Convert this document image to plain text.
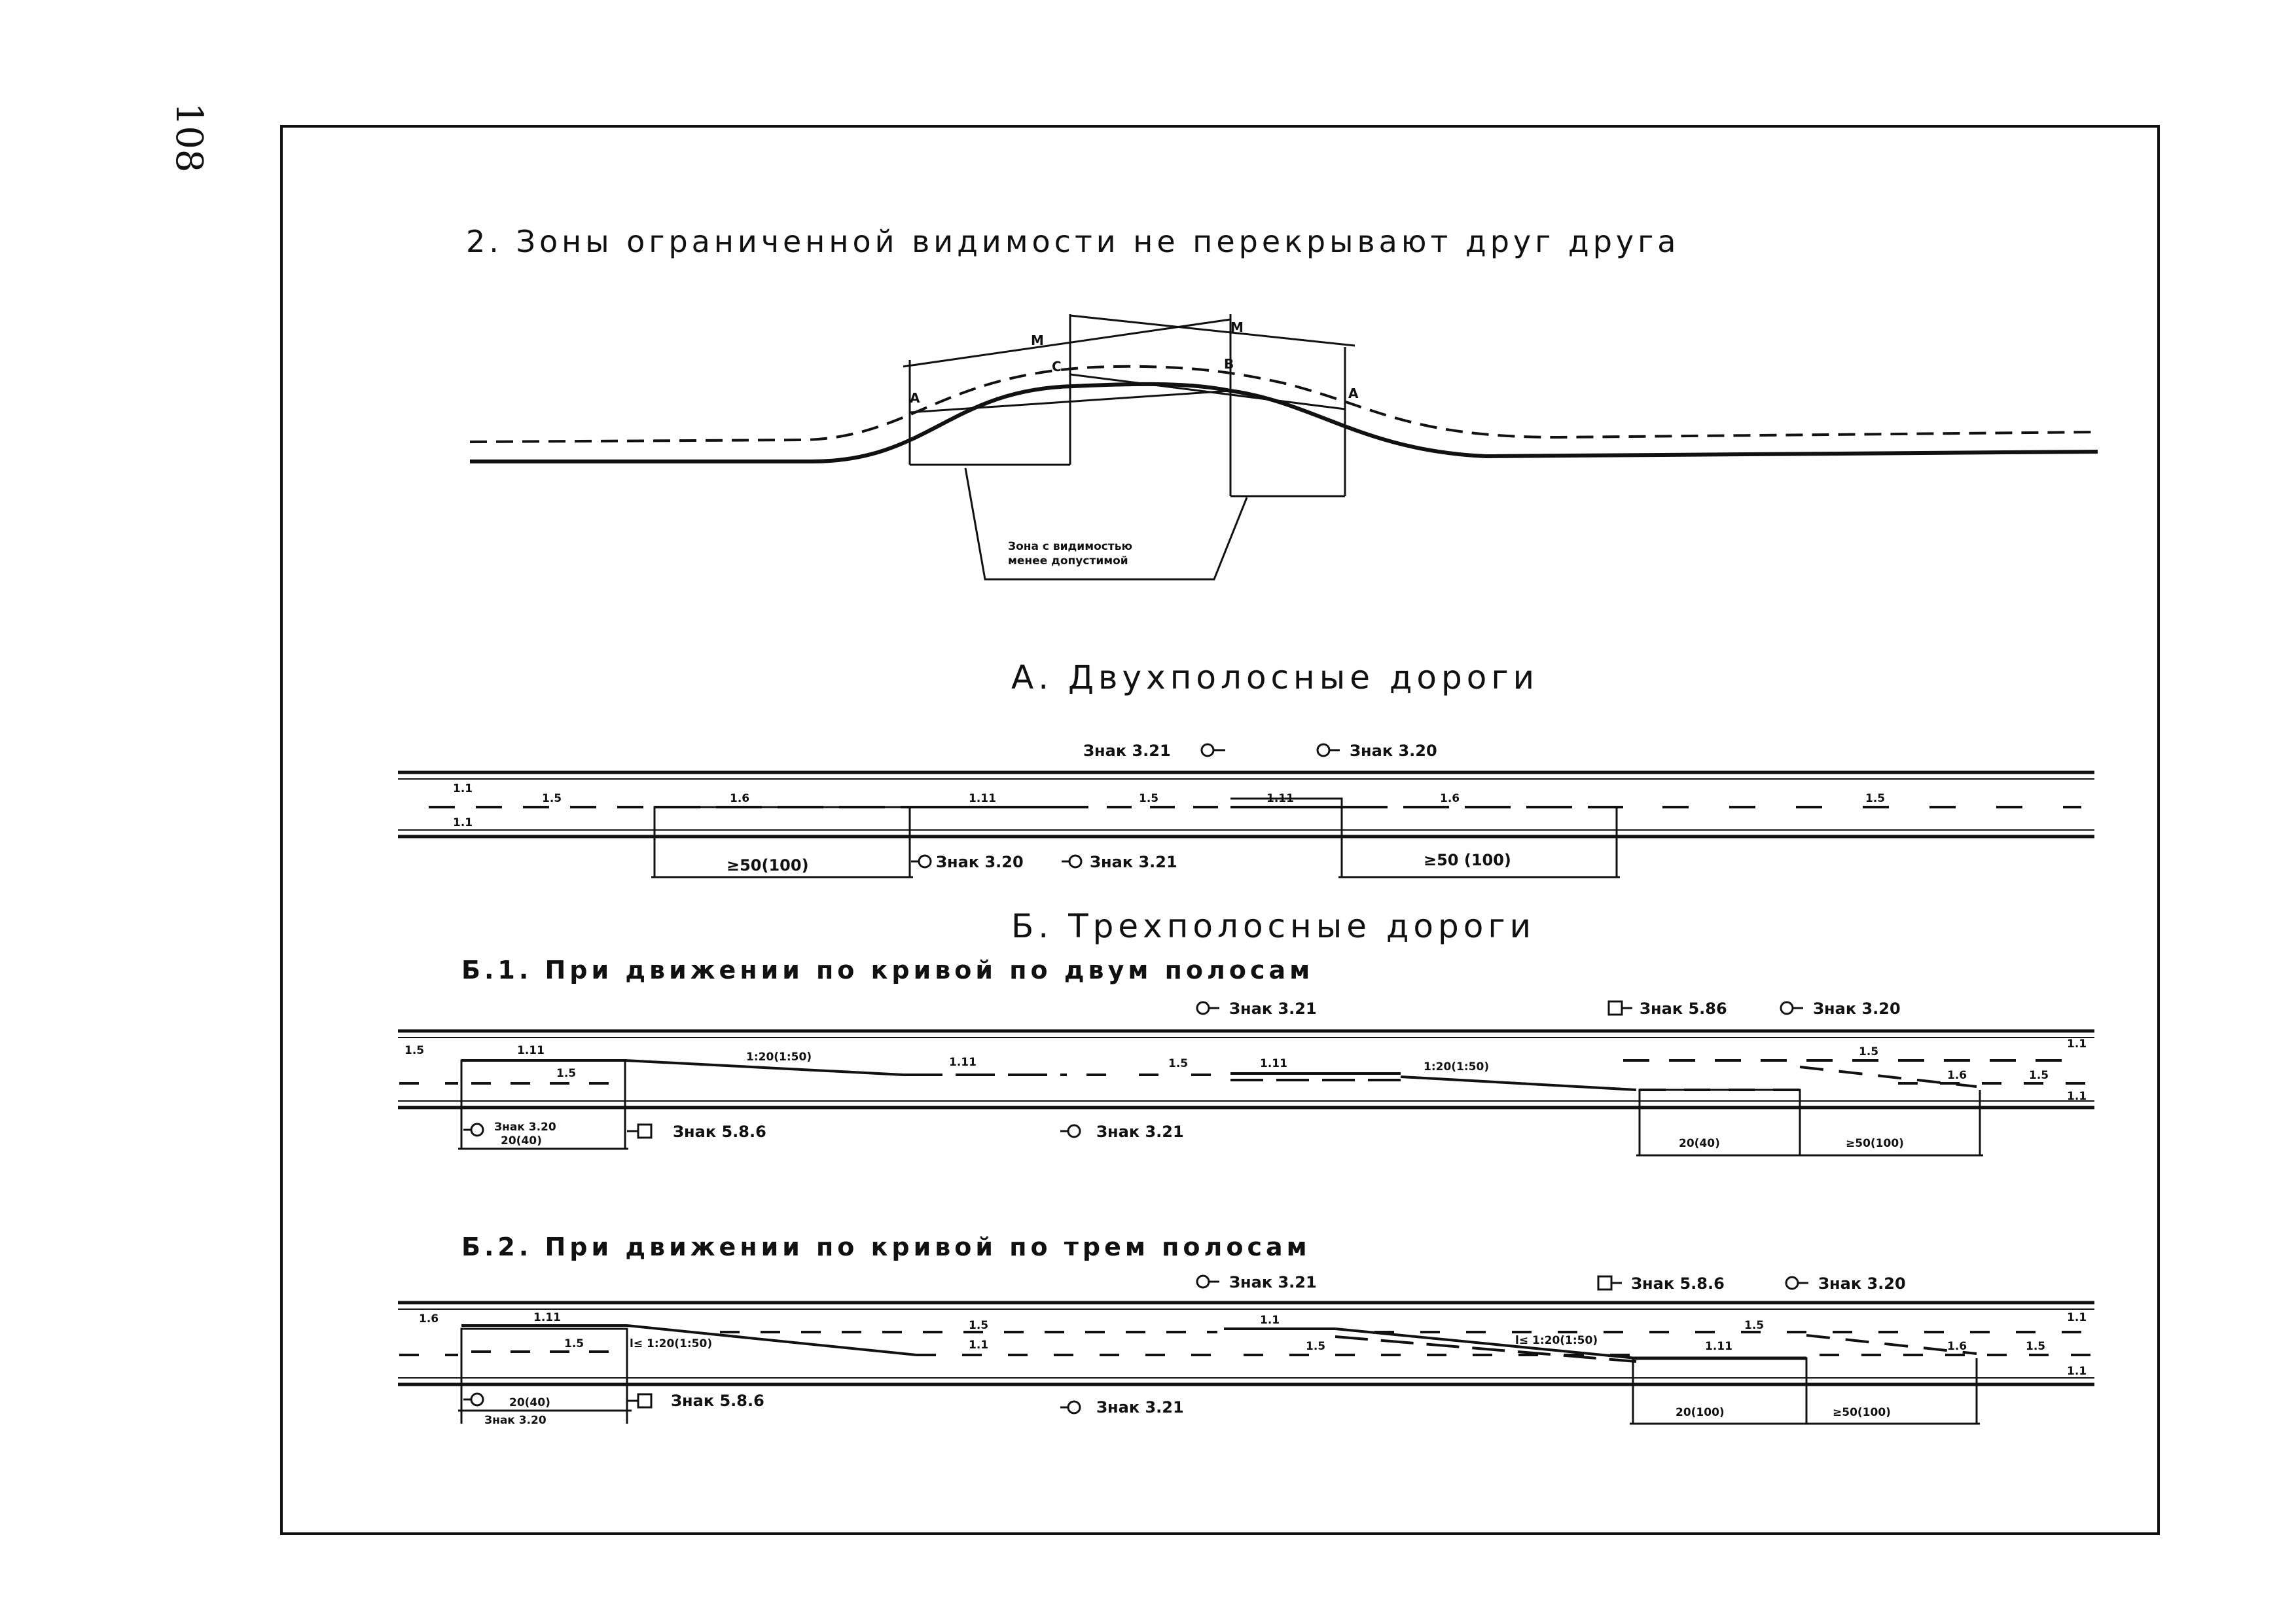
108
2. Зоны ограниченной видимости не перекрывают друг друга
М
М
С	В
А	А
Зона с видимостью
менее допустимой
А. Двухполосные дороги
≥50(100)	≥50 (100)
1.1
1.1
1.5	1.6	1.11	1.5	1.11	1.6	1.5
Знак 3.21	Знак 3.20
Знак 3.20	Знак 3.21
Б. Трехполосные дороги
Б.1. При движении по кривой по двум полосам
20(40)	20(40)	≥50(100)
1.5	1.11
1.5
1:20(1:50)	1.11	1.5	1.11	1:20(1:50)
1.5
1.6	1.5
1.1
1.1
Знак 3.21	Знак 5.86	Знак 3.20
Знак 3.20	Знак 5.8.6	Знак 3.21
Б.2. При движении по кривой по трем полосам
20(40)
20(100)	≥50(100)
1.6	1.11
1.5	l≤ 1:20(1:50)
1.5
1.1
1.1
1.5	l≤ 1:20(1:50)	1.11
1.5
1.6	1.5
1.1
1.1
Знак 3.21	Знак 5.8.6	Знак 3.20
Знак 3.20
Знак 5.8.6	Знак 3.21
